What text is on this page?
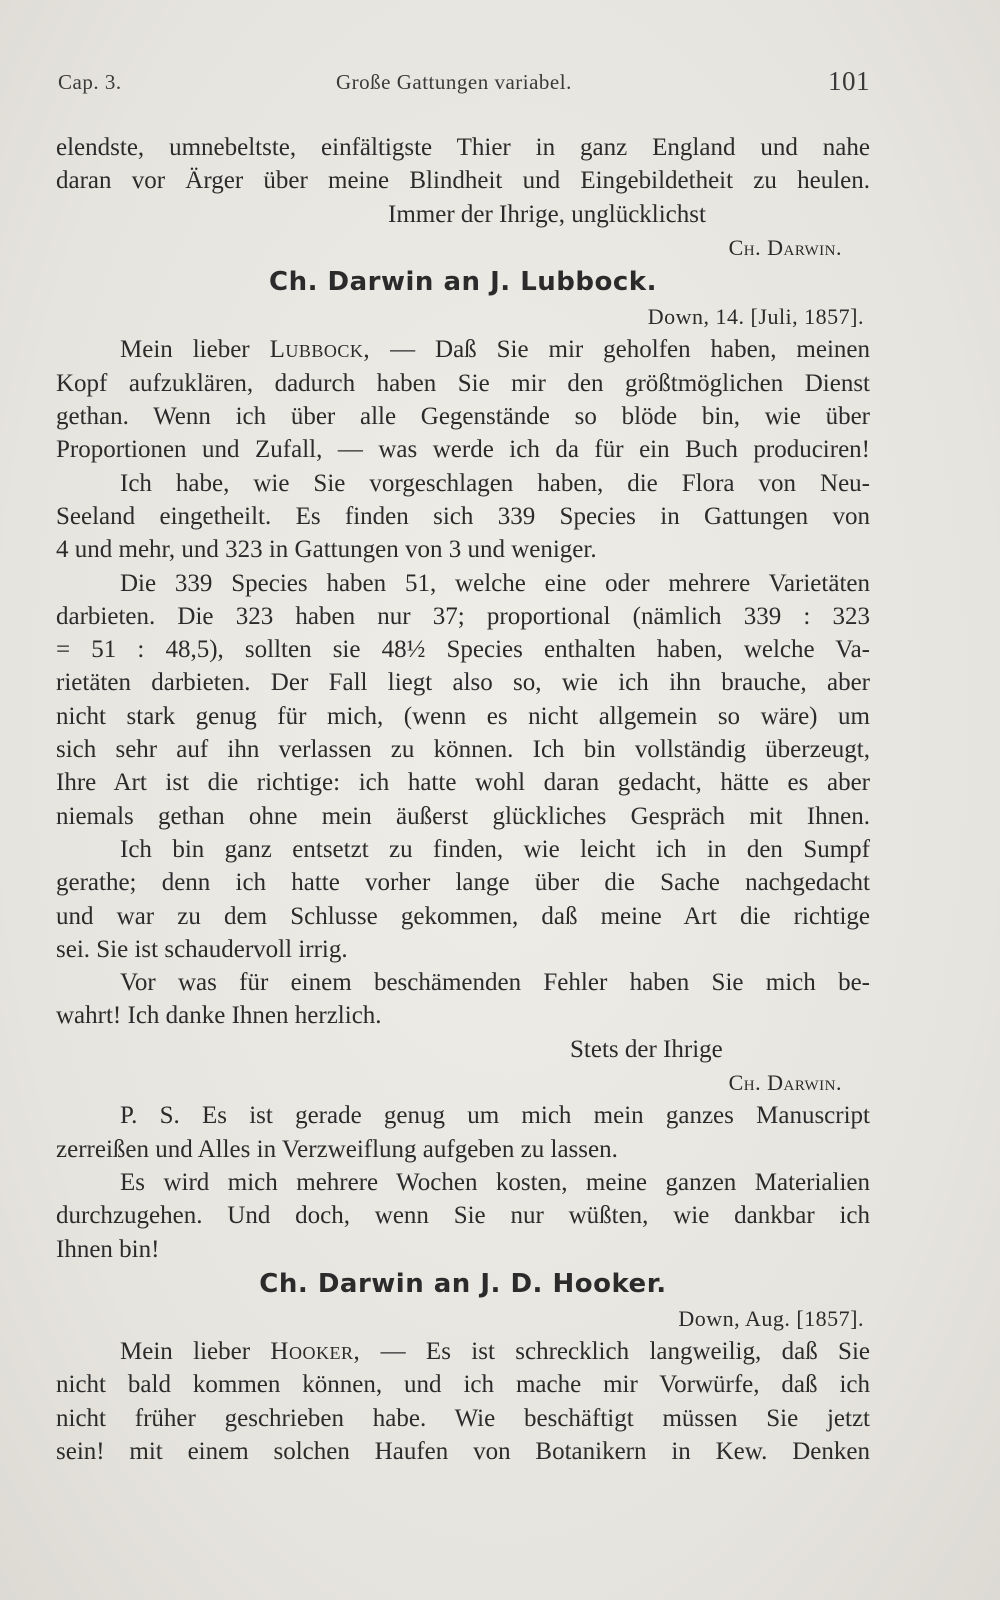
Cap. 3.	Große Gattungen variabel.	101
elendste, umnebeltste, einfältigste Thier in ganz England und nahe
daran vor Ärger über meine Blindheit und Eingebildetheit zu heulen.
Immer der Ihrige, unglücklichst
Ch. Darwin.
Ch. Darwin an J. Lubbock.
Down, 14. [Juli, 1857].
Mein lieber Lubbock, — Daß Sie mir geholfen haben, meinen
Kopf aufzuklären, dadurch haben Sie mir den größtmöglichen Dienst
gethan. Wenn ich über alle Gegenstände so blöde bin, wie über
Proportionen und Zufall, — was werde ich da für ein Buch produciren!
Ich habe, wie Sie vorgeschlagen haben, die Flora von Neu-
Seeland eingetheilt. Es finden sich 339 Species in Gattungen von
4 und mehr, und 323 in Gattungen von 3 und weniger.
Die 339 Species haben 51, welche eine oder mehrere Varietäten
darbieten. Die 323 haben nur 37; proportional (nämlich 339 : 323
= 51 : 48,5), sollten sie 48½ Species enthalten haben, welche Va-
rietäten darbieten. Der Fall liegt also so, wie ich ihn brauche, aber
nicht stark genug für mich, (wenn es nicht allgemein so wäre) um
sich sehr auf ihn verlassen zu können. Ich bin vollständig überzeugt,
Ihre Art ist die richtige: ich hatte wohl daran gedacht, hätte es aber
niemals gethan ohne mein äußerst glückliches Gespräch mit Ihnen.
Ich bin ganz entsetzt zu finden, wie leicht ich in den Sumpf
gerathe; denn ich hatte vorher lange über die Sache nachgedacht
und war zu dem Schlusse gekommen, daß meine Art die richtige
sei. Sie ist schaudervoll irrig.
Vor was für einem beschämenden Fehler haben Sie mich be-
wahrt! Ich danke Ihnen herzlich.
Stets der Ihrige
Ch. Darwin.
P. S. Es ist gerade genug um mich mein ganzes Manuscript
zerreißen und Alles in Verzweiflung aufgeben zu lassen.
Es wird mich mehrere Wochen kosten, meine ganzen Materialien
durchzugehen. Und doch, wenn Sie nur wüßten, wie dankbar ich
Ihnen bin!
Ch. Darwin an J. D. Hooker.
Down, Aug. [1857].
Mein lieber Hooker, — Es ist schrecklich langweilig, daß Sie
nicht bald kommen können, und ich mache mir Vorwürfe, daß ich
nicht früher geschrieben habe. Wie beschäftigt müssen Sie jetzt
sein! mit einem solchen Haufen von Botanikern in Kew. Denken
